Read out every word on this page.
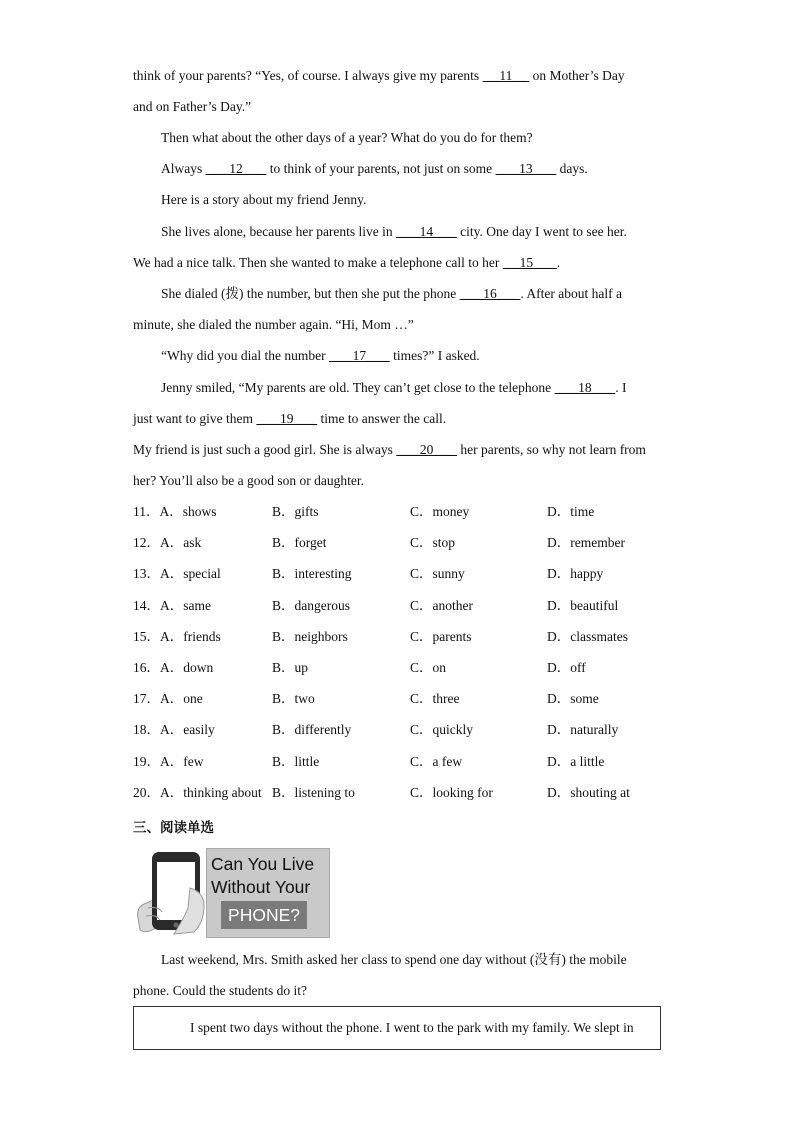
think of your parents? “Yes, of course. I always give my parents  __11__  on Mother’s Day
and on Father’s Day.”
Then what about the other days of a year? What do you do for them?
Always  ___12___  to think of your parents, not just on some  ___13___  days.
Here is a story about my friend Jenny.
She lives alone, because her parents live in  ___14___  city. One day I went to see her.
We had a nice talk. Then she wanted to make a telephone call to her  __15___ .
She dialed (拨) the number, but then she put the phone  ___16___ . After about half a
minute, she dialed the number again. “Hi, Mom …”
“Why did you dial the number  ___17___  times?” I asked.
Jenny smiled, “My parents are old. They can’t get close to the telephone  ___18___ . I
just want to give them  ___19___  time to answer the call.
My friend is just such a good girl. She is always  ___20___  her parents, so why not learn from
her? You’ll also be a good son or daughter.
11．A．shows	B．gifts	C．money	D．time
12．A．ask	B．forget	C．stop	D．remember
13．A．special	B．interesting	C．sunny	D．happy
14．A．same	B．dangerous	C．another	D．beautiful
15．A．friends	B．neighbors	C．parents	D．classmates
16．A．down	B．up	C．on	D．off
17．A．one	B．two	C．three	D．some
18．A．easily	B．differently	C．quickly	D．naturally
19．A．few	B．little	C．a few	D．a little
20．A．thinking about B．listening to	C．looking for	D．shouting at
三、阅读单选
Can You Live
Without Your
PHONE?
Last weekend, Mrs. Smith asked her class to spend one day without (没有) the mobile
phone. Could the students do it?
I spent two days without the phone. I went to the park with my family. We slept in
